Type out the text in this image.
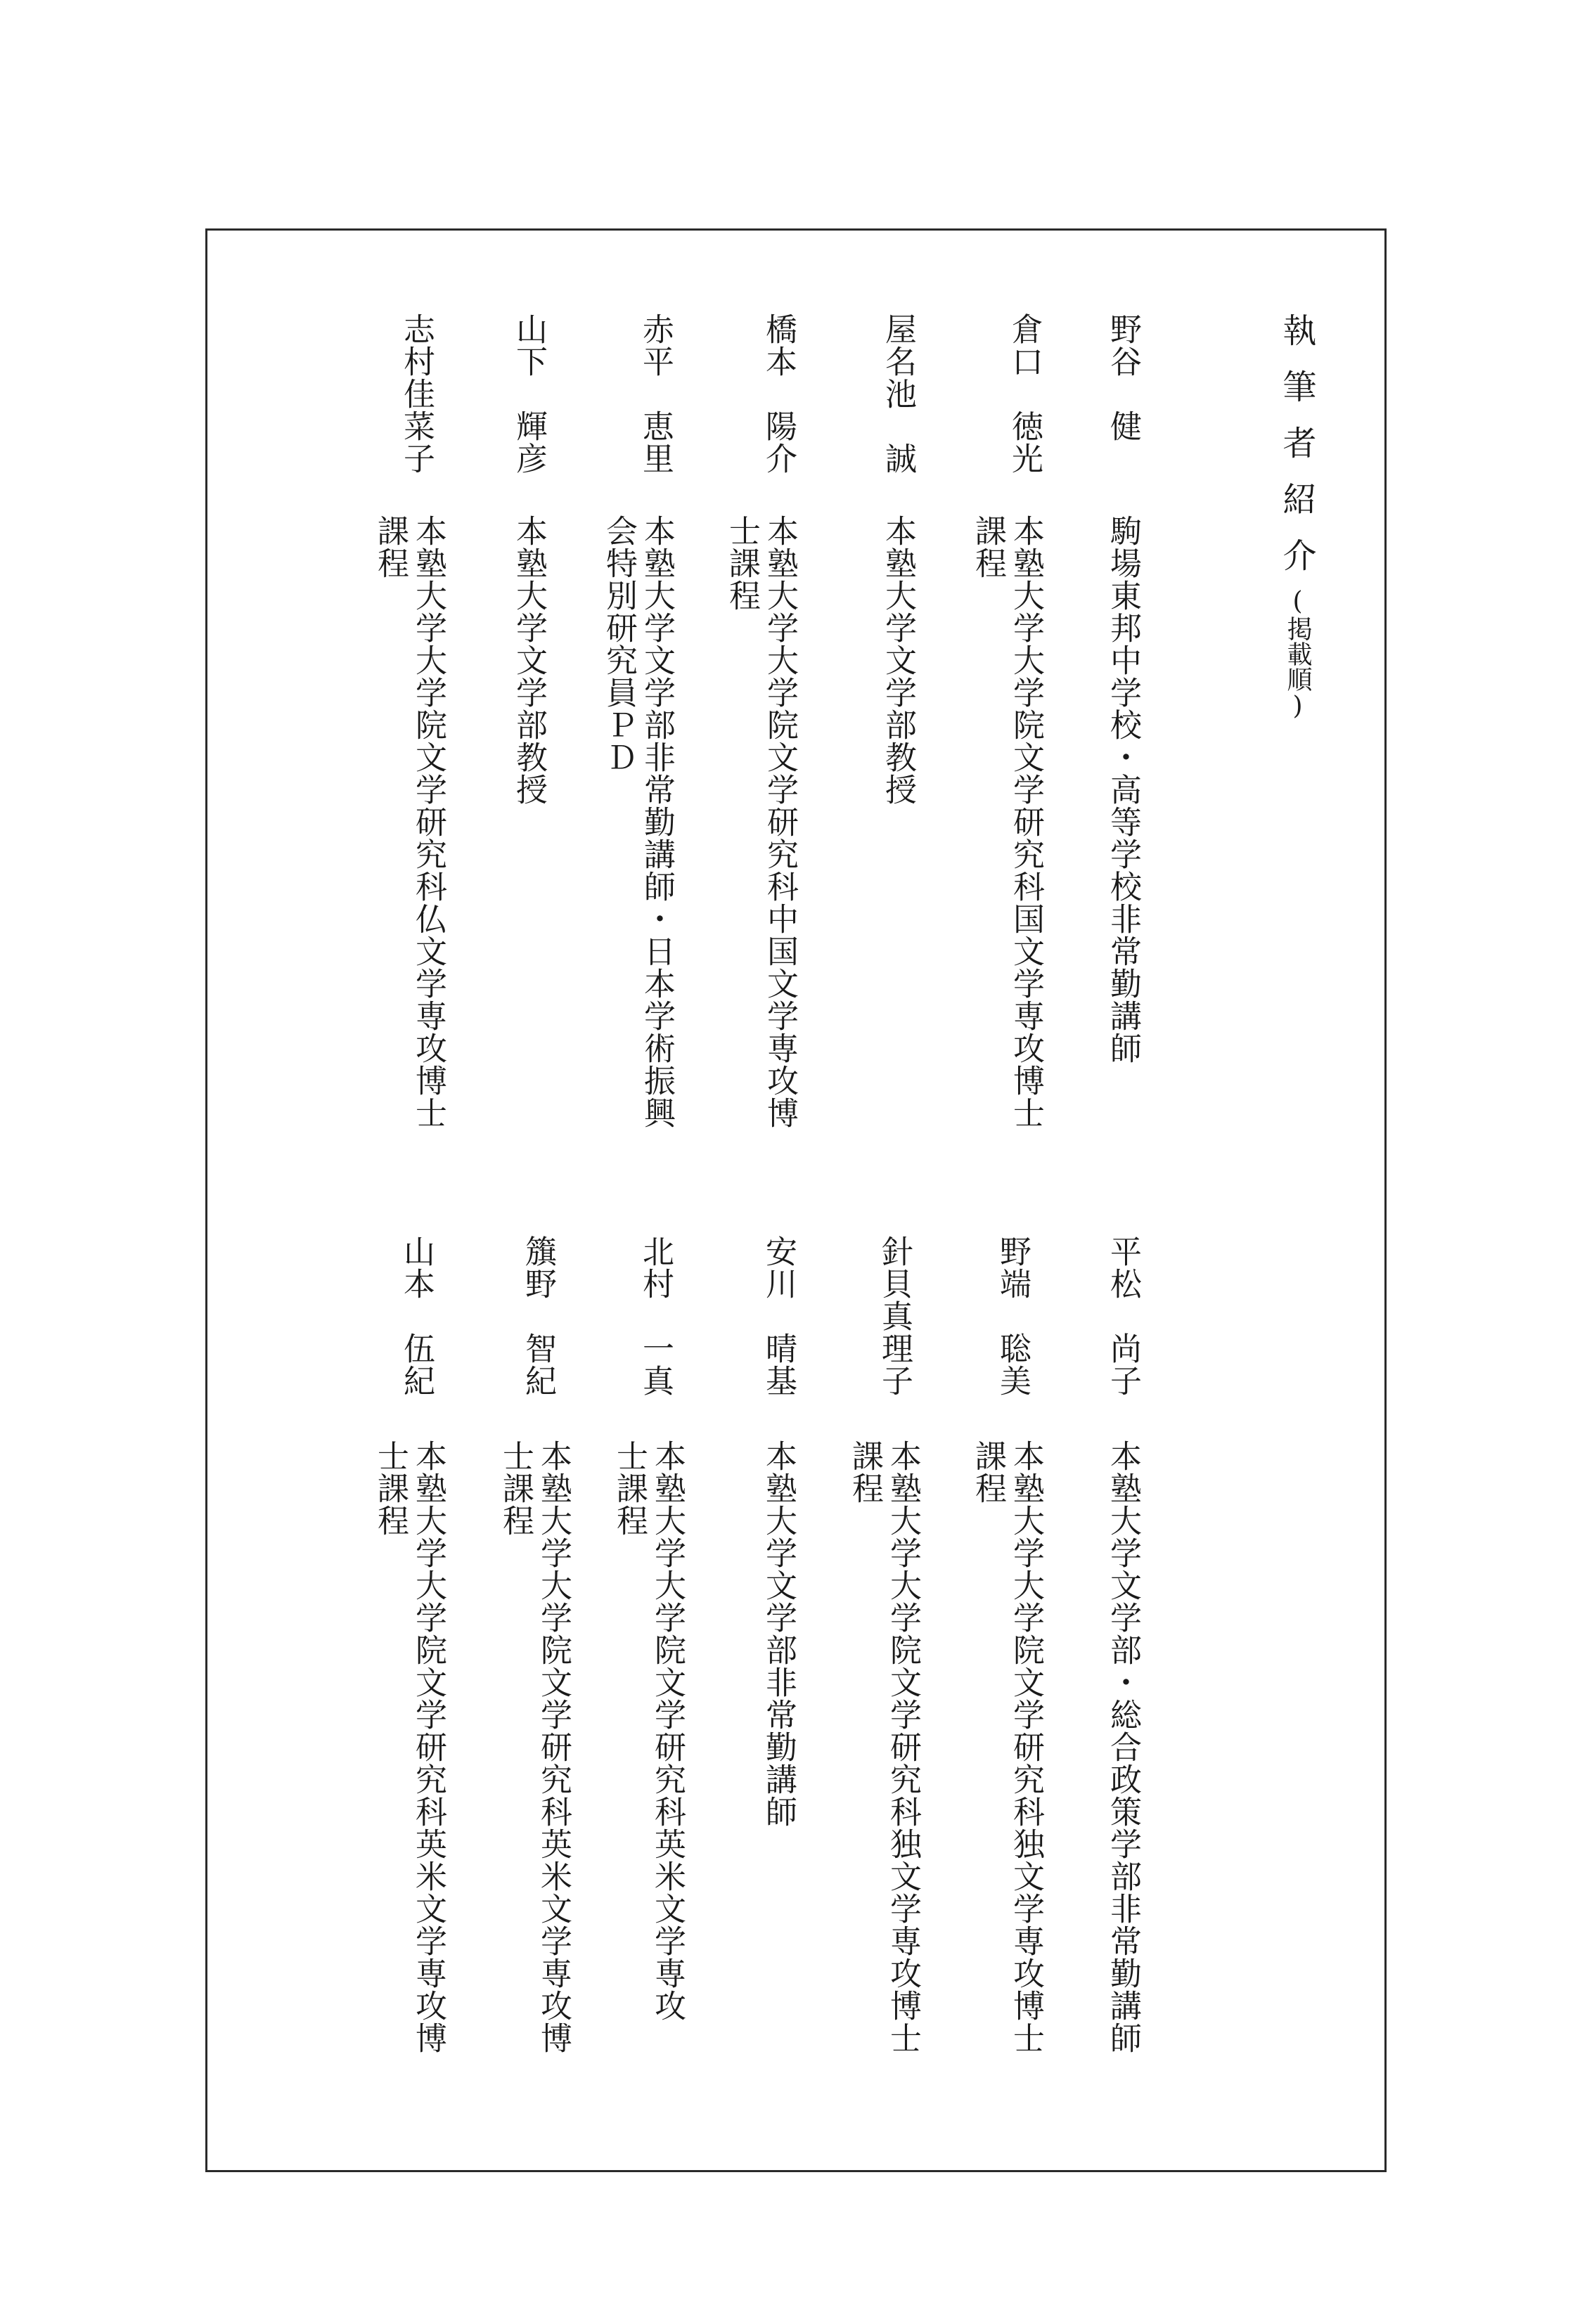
執筆者紹介
(掲載順)
野谷　健
駒場東邦中学校・高等学校非常勤講師
倉口　徳光
本塾大学大学院文学研究科国文学専攻博士
課程
屋名池　誠
本塾大学文学部教授
橋本　陽介
本塾大学大学院文学研究科中国文学専攻博
士課程
赤平　恵里
本塾大学文学部非常勤講師・日本学術振興
会特別研究員ＰＤ
山下　輝彦
本塾大学文学部教授
志村佳菜子
本塾大学大学院文学研究科仏文学専攻博士
課程
平松　尚子
本塾大学文学部・総合政策学部非常勤講師
野端　聡美
本塾大学大学院文学研究科独文学専攻博士
課程
針貝真理子
本塾大学大学院文学研究科独文学専攻博士
課程
安川　晴基
本塾大学文学部非常勤講師
北村　一真
本塾大学大学院文学研究科英米文学専攻
士課程
籏野　智紀
本塾大学大学院文学研究科英米文学専攻博
士課程
山本　伍紀
本塾大学大学院文学研究科英米文学専攻博
士課程
